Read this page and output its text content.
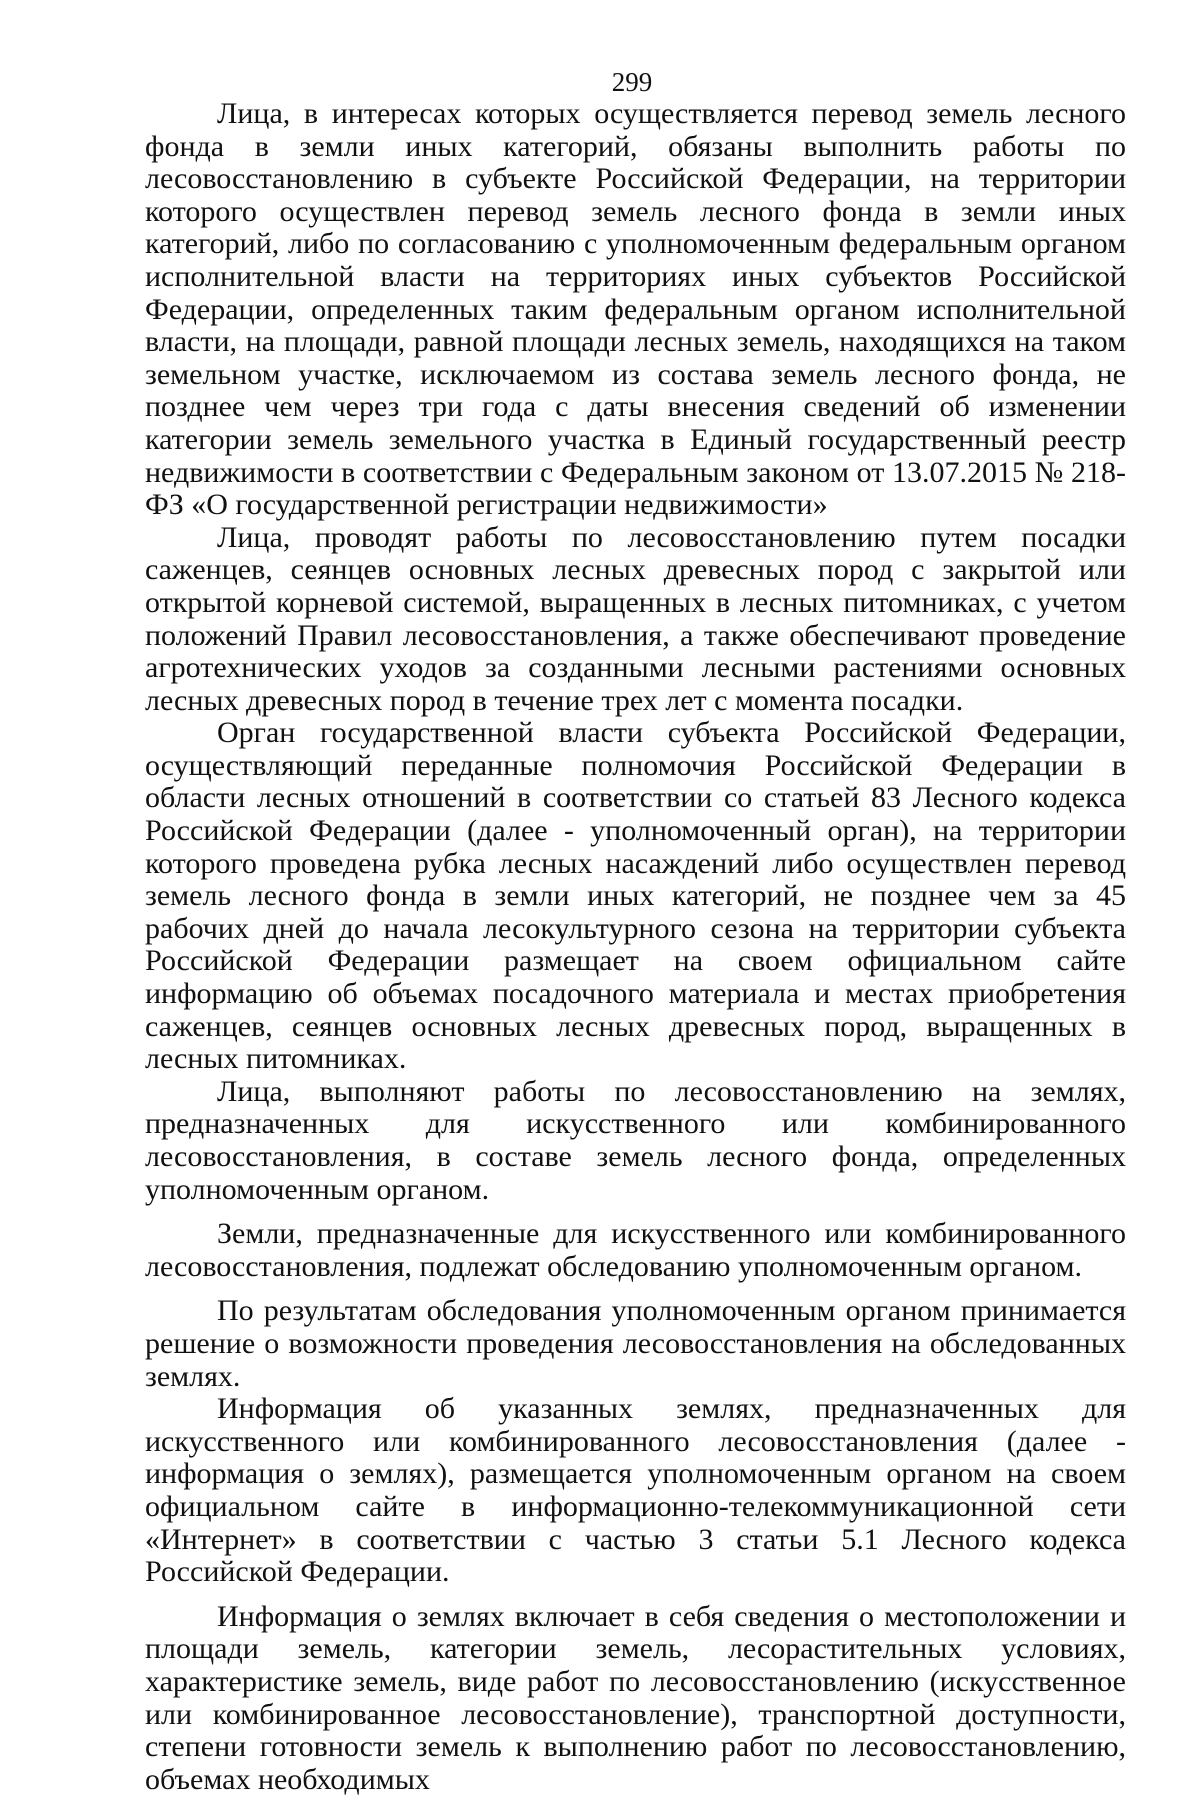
299

Лица, в интересах которых осуществляется перевод земель лесного фонда в земли иных категорий, обязаны выполнить работы по лесовосстановлению в субъекте Российской Федерации, на территории которого осуществлен перевод земель лесного фонда в земли иных категорий, либо по согласованию с уполномоченным федеральным органом исполнительной власти на территориях иных субъектов Российской Федерации, определенных таким федеральным органом исполнительной власти, на площади, равной площади лесных земель, находящихся на таком земельном участке, исключаемом из состава земель лесного фонда, не позднее чем через три года с даты внесения сведений об изменении категории земель земельного участка в Единый государственный реестр недвижимости в соответствии с Федеральным законом от 13.07.2015 № 218-ФЗ «О государственной регистрации недвижимости»

Лица, проводят работы по лесовосстановлению путем посадки саженцев, сеянцев основных лесных древесных пород с закрытой или открытой корневой системой, выращенных в лесных питомниках, с учетом положений Правил лесовосстановления, а также обеспечивают проведение агротехнических уходов за созданными лесными растениями основных лесных древесных пород в течение трех лет с момента посадки.

Орган государственной власти субъекта Российской Федерации, осуществляющий переданные полномочия Российской Федерации в области лесных отношений в соответствии со статьей 83 Лесного кодекса Российской Федерации (далее - уполномоченный орган), на территории которого проведена рубка лесных насаждений либо осуществлен перевод земель лесного фонда в земли иных категорий, не позднее чем за 45 рабочих дней до начала лесокультурного сезона на территории субъекта Российской Федерации размещает на своем официальном сайте информацию об объемах посадочного материала и местах приобретения саженцев, сеянцев основных лесных древесных пород, выращенных в лесных питомниках.

Лица, выполняют работы по лесовосстановлению на землях, предназначенных для искусственного или комбинированного лесовосстановления, в составе земель лесного фонда, определенных уполномоченным органом.

Земли, предназначенные для искусственного или комбинированного лесовосстановления, подлежат обследованию уполномоченным органом.

По результатам обследования уполномоченным органом принимается решение о возможности проведения лесовосстановления на обследованных землях.

Информация об указанных землях, предназначенных для искусственного или комбинированного лесовосстановления (далее - информация о землях), размещается уполномоченным органом на своем официальном сайте в информационно-телекоммуникационной сети «Интернет» в соответствии с частью 3 статьи 5.1 Лесного кодекса Российской Федерации.

Информация о землях включает в себя сведения о местоположении и площади земель, категории земель, лесорастительных условиях, характеристике земель, виде работ по лесовосстановлению (искусственное или комбинированное лесовосстановление), транспортной доступности, степени готовности земель к выполнению работ по лесовосстановлению, объемах необходимых
